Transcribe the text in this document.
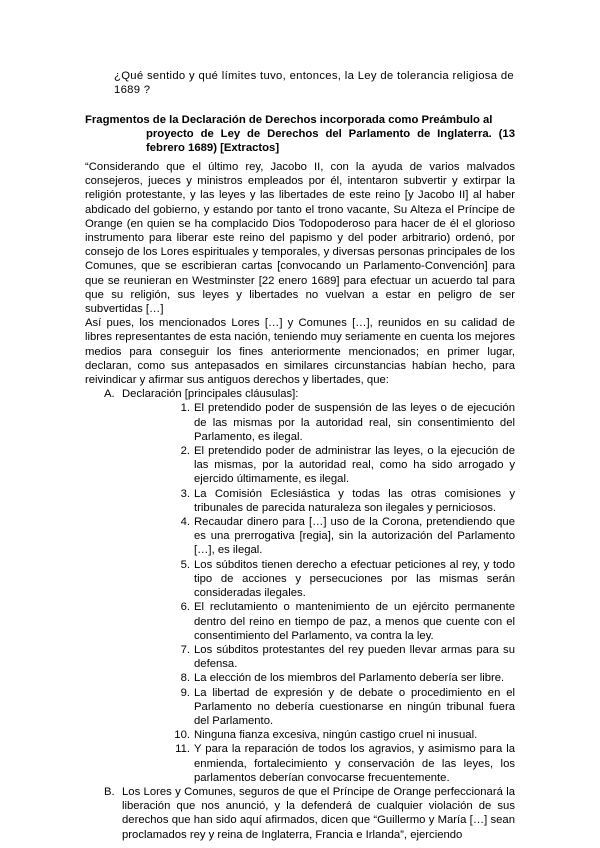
¿Qué sentido y qué límites tuvo, entonces, la Ley de tolerancia religiosa de 1689 ?
Fragmentos de la Declaración de Derechos incorporada como Preámbulo al
proyecto de Ley de Derechos del Parlamento de Inglaterra. (13 febrero 1689) [Extractos]

“Considerando que el último rey, Jacobo II, con la ayuda de varios malvados consejeros, jueces y ministros empleados por él, intentaron subvertir y extirpar la religión protestante, y las leyes y las libertades de este reino [y Jacobo II] al haber abdicado del gobierno, y estando por tanto el trono vacante, Su Alteza el Príncipe de Orange (en quien se ha complacido Dios Todopoderoso para hacer de él el glorioso instrumento para liberar este reino del papismo y del poder arbitrario) ordenó, por consejo de los Lores espirituales y temporales, y diversas personas principales de los Comunes, que se escribieran cartas [convocando un Parlamento-Convención] para que se reunieran en Westminster [22 enero 1689] para efectuar un acuerdo tal para que su religión, sus leyes y libertades no vuelvan a estar en peligro de ser subvertidas […]

Así pues, los mencionados Lores […] y Comunes […], reunidos en su calidad de libres representantes de esta nación, teniendo muy seriamente en cuenta los mejores medios para conseguir los fines anteriormente mencionados; en primer lugar, declaran, como sus antepasados en similares circunstancias habían hecho, para reivindicar y afirmar sus antiguos derechos y libertades, que:

A. Declaración [principales cláusulas]:
1. El pretendido poder de suspensión de las leyes o de ejecución de las mismas por la autoridad real, sin consentimiento del Parlamento, es ilegal.
2. El pretendido poder de administrar las leyes, o la ejecución de las mismas, por la autoridad real, como ha sido arrogado y ejercido últimamente, es ilegal.
3. La Comisión Eclesiástica y todas las otras comisiones y tribunales de parecida naturaleza son ilegales y perniciosos.
4. Recaudar dinero para […] uso de la Corona, pretendiendo que es una prerrogativa [regia], sin la autorización del Parlamento […], es ilegal.
5. Los súbditos tienen derecho a efectuar peticiones al rey, y todo tipo de acciones y persecuciones por las mismas serán consideradas ilegales.
6. El reclutamiento o mantenimiento de un ejército permanente dentro del reino en tiempo de paz, a menos que cuente con el consentimiento del Parlamento, va contra la ley.
7. Los súbditos protestantes del rey pueden llevar armas para su defensa.
8. La elección de los miembros del Parlamento debería ser libre.
9. La libertad de expresión y de debate o procedimiento en el Parlamento no debería cuestionarse en ningún tribunal fuera del Parlamento.
10. Ninguna fianza excesiva, ningún castigo cruel ni inusual.
11. Y para la reparación de todos los agravios, y asimismo para la enmienda, fortalecimiento y conservación de las leyes, los parlamentos deberían convocarse frecuentemente.
B. Los Lores y Comunes, seguros de que el Príncipe de Orange perfeccionará la liberación que nos anunció, y la defenderá de cualquier violación de sus derechos que han sido aquí afirmados, dicen que “Guillermo y María […] sean proclamados rey y reina de Inglaterra, Francia e Irlanda”, ejerciendo
